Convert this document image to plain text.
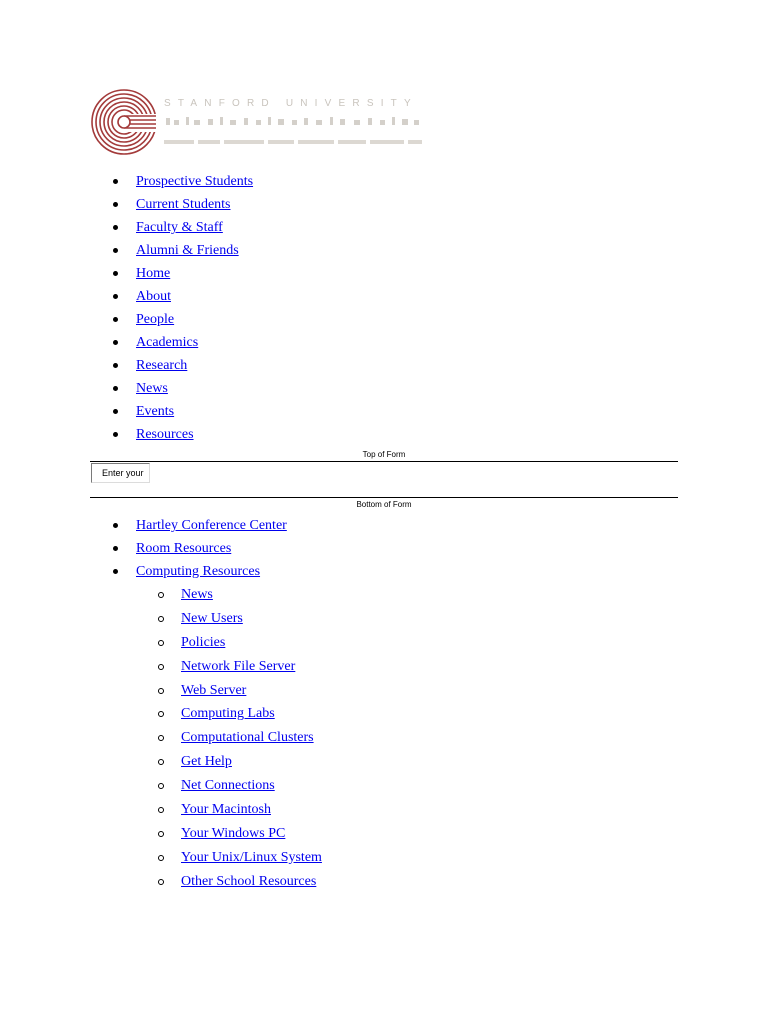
STANFORD UNIVERSITY

Prospective Students
Current Students
Faculty & Staff
Alumni & Friends
Home
About
People
Academics
Research
News
Events
Resources
Top of Form
Enter your
Bottom of Form
Hartley Conference Center
Room Resources
Computing Resources
News
New Users
Policies
Network File Server
Web Server
Computing Labs
Computational Clusters
Get Help
Net Connections
Your Macintosh
Your Windows PC
Your Unix/Linux System
Other School Resources
